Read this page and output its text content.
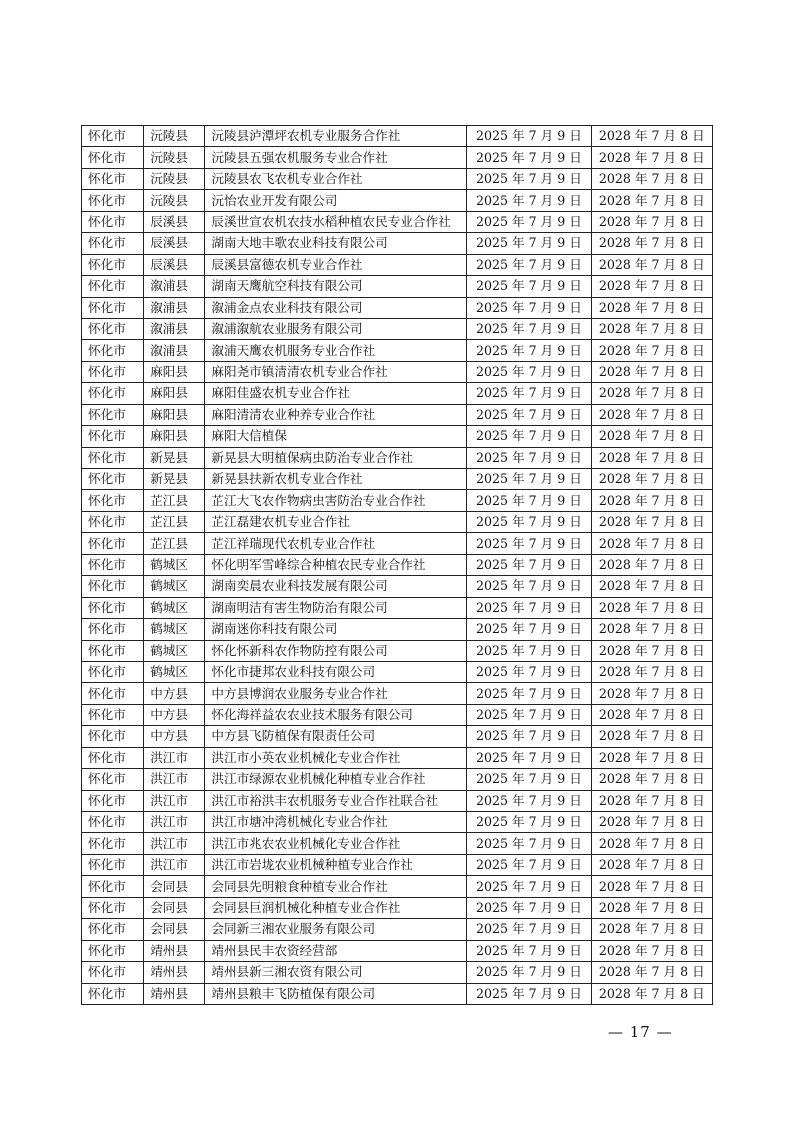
怀化市	沅陵县	沅陵县泸潭坪农机专业服务合作社	2025 年 7 月 9 日	2028 年 7 月 8 日
怀化市	沅陵县	沅陵县五强农机服务专业合作社	2025 年 7 月 9 日	2028 年 7 月 8 日
怀化市	沅陵县	沅陵县农飞农机专业合作社	2025 年 7 月 9 日	2028 年 7 月 8 日
怀化市	沅陵县	沅怡农业开发有限公司	2025 年 7 月 9 日	2028 年 7 月 8 日
怀化市	辰溪县	辰溪世宣农机农技水稻种植农民专业合作社	2025 年 7 月 9 日	2028 年 7 月 8 日
怀化市	辰溪县	湖南大地丰歌农业科技有限公司	2025 年 7 月 9 日	2028 年 7 月 8 日
怀化市	辰溪县	辰溪县富德农机专业合作社	2025 年 7 月 9 日	2028 年 7 月 8 日
怀化市	溆浦县	湖南天鹰航空科技有限公司	2025 年 7 月 9 日	2028 年 7 月 8 日
怀化市	溆浦县	溆浦金点农业科技有限公司	2025 年 7 月 9 日	2028 年 7 月 8 日
怀化市	溆浦县	溆浦溆航农业服务有限公司	2025 年 7 月 9 日	2028 年 7 月 8 日
怀化市	溆浦县	溆浦天鹰农机服务专业合作社	2025 年 7 月 9 日	2028 年 7 月 8 日
怀化市	麻阳县	麻阳尧市镇清清农机专业合作社	2025 年 7 月 9 日	2028 年 7 月 8 日
怀化市	麻阳县	麻阳佳盛农机专业合作社	2025 年 7 月 9 日	2028 年 7 月 8 日
怀化市	麻阳县	麻阳清清农业种养专业合作社	2025 年 7 月 9 日	2028 年 7 月 8 日
怀化市	麻阳县	麻阳大信植保	2025 年 7 月 9 日	2028 年 7 月 8 日
怀化市	新晃县	新晃县大明植保病虫防治专业合作社	2025 年 7 月 9 日	2028 年 7 月 8 日
怀化市	新晃县	新晃县扶新农机专业合作社	2025 年 7 月 9 日	2028 年 7 月 8 日
怀化市	芷江县	芷江大飞农作物病虫害防治专业合作社	2025 年 7 月 9 日	2028 年 7 月 8 日
怀化市	芷江县	芷江磊建农机专业合作社	2025 年 7 月 9 日	2028 年 7 月 8 日
怀化市	芷江县	芷江祥瑞现代农机专业合作社	2025 年 7 月 9 日	2028 年 7 月 8 日
怀化市	鹤城区	怀化明军雪峰综合种植农民专业合作社	2025 年 7 月 9 日	2028 年 7 月 8 日
怀化市	鹤城区	湖南奕晨农业科技发展有限公司	2025 年 7 月 9 日	2028 年 7 月 8 日
怀化市	鹤城区	湖南明洁有害生物防治有限公司	2025 年 7 月 9 日	2028 年 7 月 8 日
怀化市	鹤城区	湖南迷你科技有限公司	2025 年 7 月 9 日	2028 年 7 月 8 日
怀化市	鹤城区	怀化怀新科农作物防控有限公司	2025 年 7 月 9 日	2028 年 7 月 8 日
怀化市	鹤城区	怀化市捷邦农业科技有限公司	2025 年 7 月 9 日	2028 年 7 月 8 日
怀化市	中方县	中方县博润农业服务专业合作社	2025 年 7 月 9 日	2028 年 7 月 8 日
怀化市	中方县	怀化海祥益农农业技术服务有限公司	2025 年 7 月 9 日	2028 年 7 月 8 日
怀化市	中方县	中方县飞防植保有限责任公司	2025 年 7 月 9 日	2028 年 7 月 8 日
怀化市	洪江市	洪江市小英农业机械化专业合作社	2025 年 7 月 9 日	2028 年 7 月 8 日
怀化市	洪江市	洪江市绿源农业机械化种植专业合作社	2025 年 7 月 9 日	2028 年 7 月 8 日
怀化市	洪江市	洪江市裕洪丰农机服务专业合作社联合社	2025 年 7 月 9 日	2028 年 7 月 8 日
怀化市	洪江市	洪江市塘冲湾机械化专业合作社	2025 年 7 月 9 日	2028 年 7 月 8 日
怀化市	洪江市	洪江市兆农农业机械化专业合作社	2025 年 7 月 9 日	2028 年 7 月 8 日
怀化市	洪江市	洪江市岩垅农业机械种植专业合作社	2025 年 7 月 9 日	2028 年 7 月 8 日
怀化市	会同县	会同县先明粮食种植专业合作社	2025 年 7 月 9 日	2028 年 7 月 8 日
怀化市	会同县	会同县巨润机械化种植专业合作社	2025 年 7 月 9 日	2028 年 7 月 8 日
怀化市	会同县	会同新三湘农业服务有限公司	2025 年 7 月 9 日	2028 年 7 月 8 日
怀化市	靖州县	靖州县民丰农资经营部	2025 年 7 月 9 日	2028 年 7 月 8 日
怀化市	靖州县	靖州县新三湘农资有限公司	2025 年 7 月 9 日	2028 年 7 月 8 日
怀化市	靖州县	靖州县粮丰飞防植保有限公司	2025 年 7 月 9 日	2028 年 7 月 8 日
— 17 —
